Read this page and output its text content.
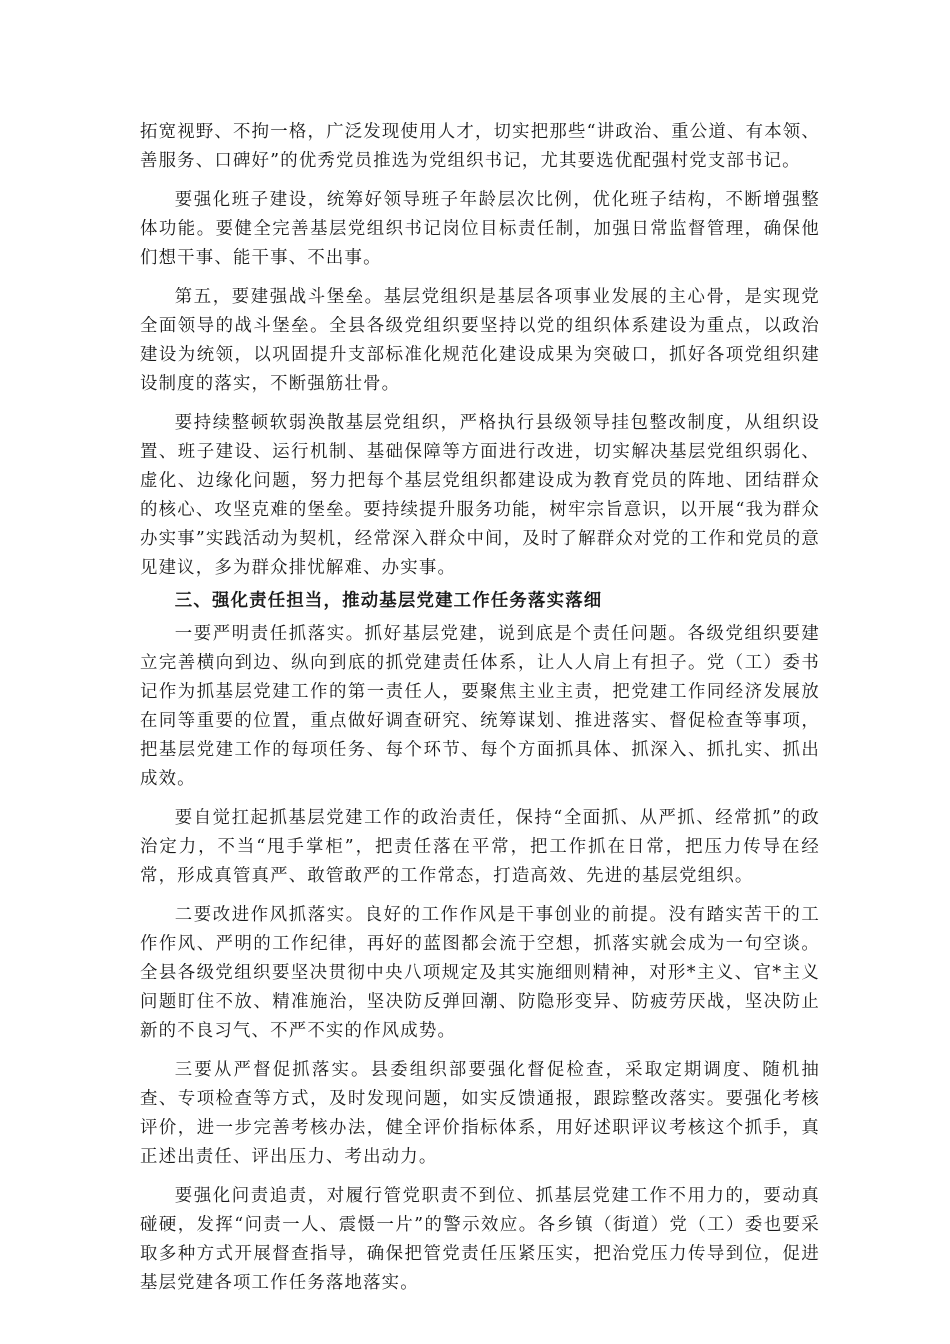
拓宽视野、不拘一格，广泛发现使用人才，切实把那些“讲政治、重公道、有本领、善服务、口碑好”的优秀党员推选为党组织书记，尤其要选优配强村党支部书记。

要强化班子建设，统筹好领导班子年龄层次比例，优化班子结构，不断增强整体功能。要健全完善基层党组织书记岗位目标责任制，加强日常监督管理，确保他们想干事、能干事、不出事。

第五，要建强战斗堡垒。基层党组织是基层各项事业发展的主心骨，是实现党全面领导的战斗堡垒。全县各级党组织要坚持以党的组织体系建设为重点，以政治建设为统领，以巩固提升支部标准化规范化建设成果为突破口，抓好各项党组织建设制度的落实，不断强筋壮骨。

要持续整顿软弱涣散基层党组织，严格执行县级领导挂包整改制度，从组织设置、班子建设、运行机制、基础保障等方面进行改进，切实解决基层党组织弱化、虚化、边缘化问题，努力把每个基层党组织都建设成为教育党员的阵地、团结群众的核心、攻坚克难的堡垒。要持续提升服务功能，树牢宗旨意识，以开展“我为群众办实事”实践活动为契机，经常深入群众中间，及时了解群众对党的工作和党员的意见建议，多为群众排忧解难、办实事。

三、强化责任担当，推动基层党建工作任务落实落细

一要严明责任抓落实。抓好基层党建，说到底是个责任问题。各级党组织要建立完善横向到边、纵向到底的抓党建责任体系，让人人肩上有担子。党（工）委书记作为抓基层党建工作的第一责任人，要聚焦主业主责，把党建工作同经济发展放在同等重要的位置，重点做好调查研究、统筹谋划、推进落实、督促检查等事项，把基层党建工作的每项任务、每个环节、每个方面抓具体、抓深入、抓扎实、抓出成效。

要自觉扛起抓基层党建工作的政治责任，保持“全面抓、从严抓、经常抓”的政治定力，不当“甩手掌柜”，把责任落在平常，把工作抓在日常，把压力传导在经常，形成真管真严、敢管敢严的工作常态，打造高效、先进的基层党组织。

二要改进作风抓落实。良好的工作作风是干事创业的前提。没有踏实苦干的工作作风、严明的工作纪律，再好的蓝图都会流于空想，抓落实就会成为一句空谈。全县各级党组织要坚决贯彻中央八项规定及其实施细则精神，对形*主义、官*主义问题盯住不放、精准施治，坚决防反弹回潮、防隐形变异、防疲劳厌战，坚决防止新的不良习气、不严不实的作风成势。

三要从严督促抓落实。县委组织部要强化督促检查，采取定期调度、随机抽查、专项检查等方式，及时发现问题，如实反馈通报，跟踪整改落实。要强化考核评价，进一步完善考核办法，健全评价指标体系，用好述职评议考核这个抓手，真正述出责任、评出压力、考出动力。

要强化问责追责，对履行管党职责不到位、抓基层党建工作不用力的，要动真碰硬，发挥“问责一人、震慑一片”的警示效应。各乡镇（街道）党（工）委也要采取多种方式开展督查指导，确保把管党责任压紧压实，把治党压力传导到位，促进基层党建各项工作任务落地落实。
